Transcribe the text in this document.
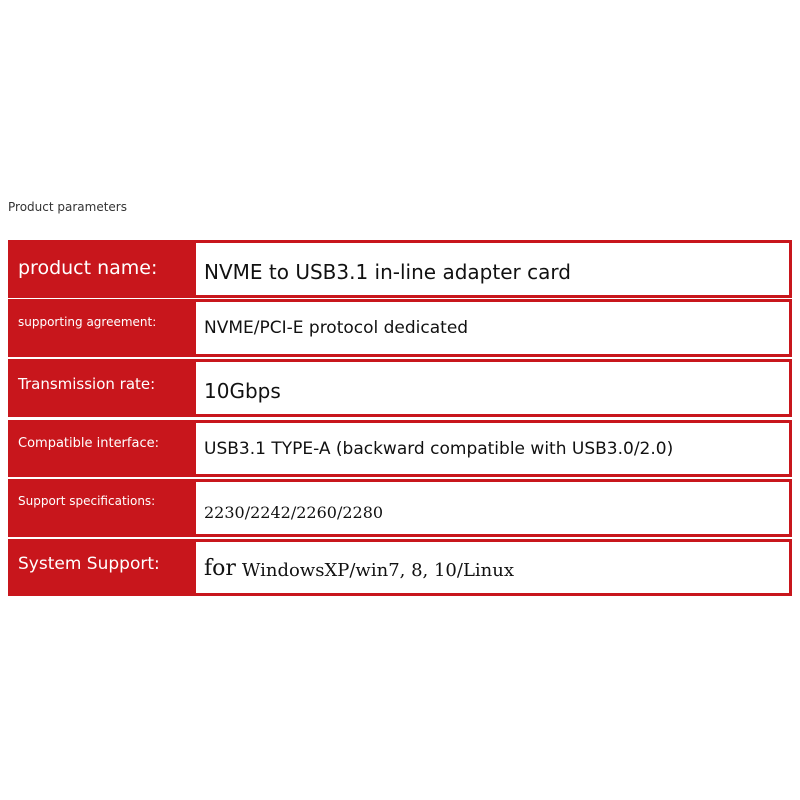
Product parameters
product name:	NVME to USB3.1 in-line adapter card
supporting agreement:	NVME/PCI-E protocol dedicated
Transmission rate:	10Gbps
Compatible interface:	USB3.1 TYPE-A (backward compatible with USB3.0/2.0)
Support specifications:
2230/2242/2260/2280
System Support:	for WindowsXP/win7, 8, 10/Linux
